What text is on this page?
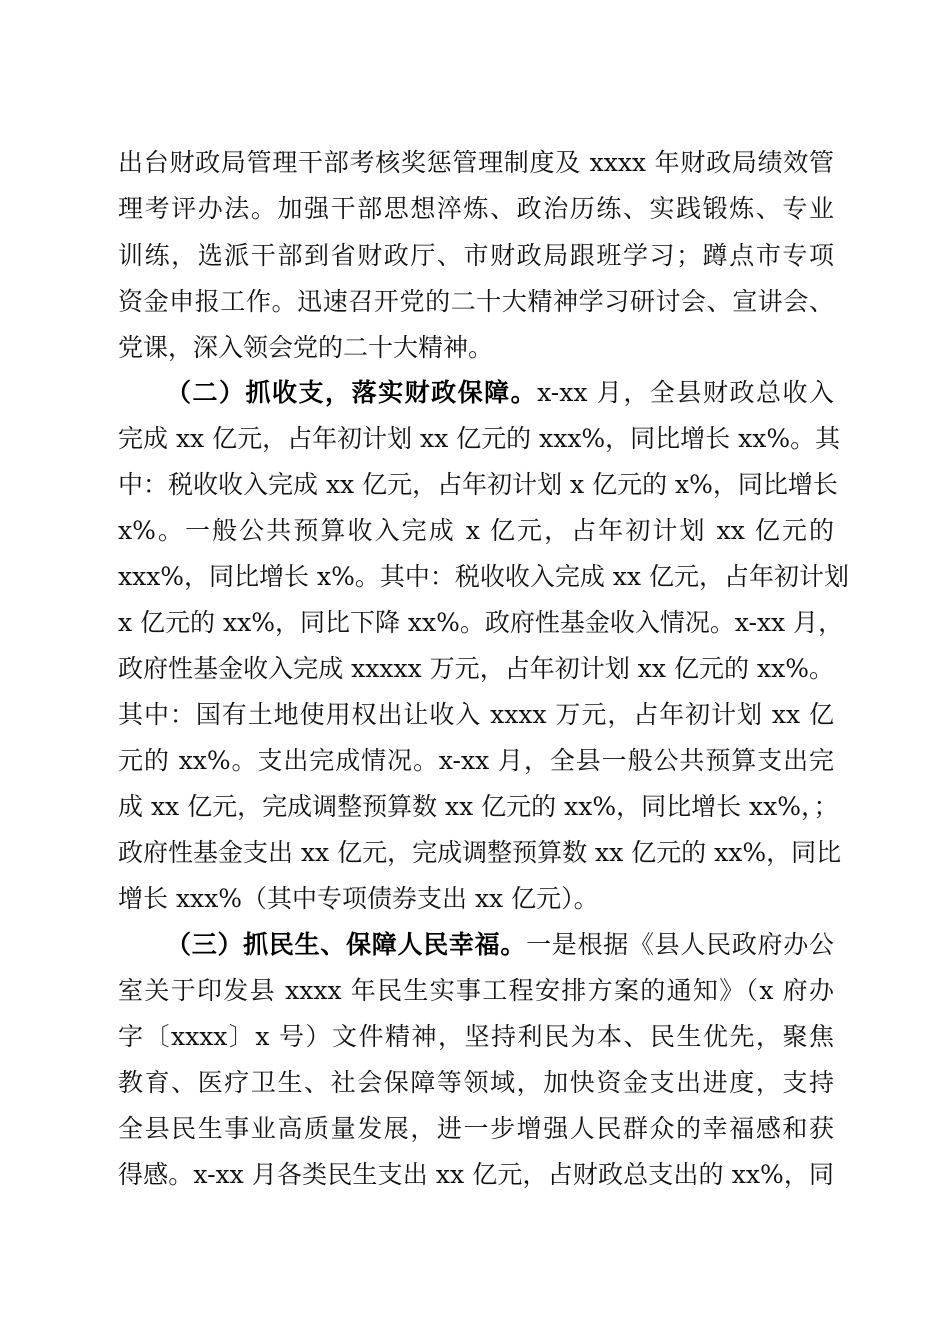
出台财政局管理干部考核奖惩管理制度及 xxxx 年财政局绩效管
理考评办法。加强干部思想淬炼、政治历练、实践锻炼、专业
训练，选派干部到省财政厅、市财政局跟班学习；蹲点市专项
资金申报工作。迅速召开党的二十大精神学习研讨会、宣讲会、
党课，深入领会党的二十大精神。
（二）抓收支，落实财政保障。x-xx 月，全县财政总收入
完成 xx 亿元，占年初计划 xx 亿元的 xxx%，同比增长 xx%。其
中：税收收入完成 xx 亿元，占年初计划 x 亿元的 x%，同比增长
x%。一般公共预算收入完成 x 亿元，占年初计划 xx 亿元的
xxx%，同比增长 x%。其中：税收收入完成 xx 亿元，占年初计划
x 亿元的 xx%，同比下降 xx%。政府性基金收入情况。x-xx 月，
政府性基金收入完成 xxxxx 万元，占年初计划 xx 亿元的 xx%。
其中：国有土地使用权出让收入 xxxx 万元，占年初计划 xx 亿
元的 xx%。支出完成情况。x-xx 月，全县一般公共预算支出完
成 xx 亿元，完成调整预算数 xx 亿元的 xx%，同比增长 xx%，；
政府性基金支出 xx 亿元，完成调整预算数 xx 亿元的 xx%，同比
增长 xxx%（其中专项债券支出 xx 亿元）。
（三）抓民生、保障人民幸福。一是根据《县人民政府办公
室关于印发县 xxxx 年民生实事工程安排方案的通知》（x 府办
字〔xxxx〕x 号）文件精神，坚持利民为本、民生优先，聚焦
教育、医疗卫生、社会保障等领域，加快资金支出进度，支持
全县民生事业高质量发展，进一步增强人民群众的幸福感和获
得感。x-xx 月各类民生支出 xx 亿元，占财政总支出的 xx%，同
